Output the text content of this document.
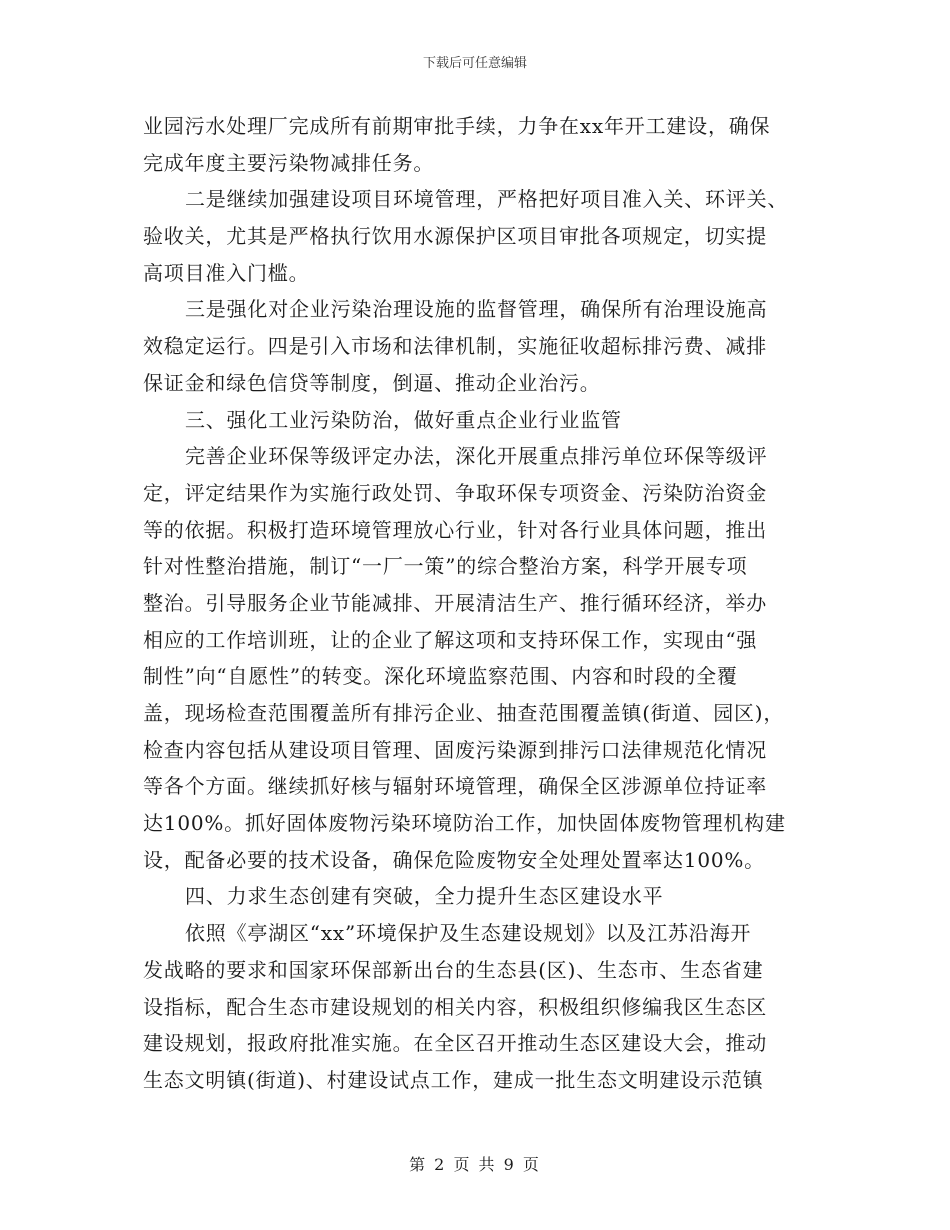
下载后可任意编辑
业园污水处理厂完成所有前期审批手续，力争在xx年开工建设，确保
完成年度主要污染物减排任务。
二是继续加强建设项目环境管理，严格把好项目准入关、环评关、
验收关，尤其是严格执行饮用水源保护区项目审批各项规定，切实提
高项目准入门槛。
三是强化对企业污染治理设施的监督管理，确保所有治理设施高
效稳定运行。四是引入市场和法律机制，实施征收超标排污费、减排
保证金和绿色信贷等制度，倒逼、推动企业治污。
三、强化工业污染防治，做好重点企业行业监管
完善企业环保等级评定办法，深化开展重点排污单位环保等级评
定，评定结果作为实施行政处罚、争取环保专项资金、污染防治资金
等的依据。积极打造环境管理放心行业，针对各行业具体问题，推出
针对性整治措施，制订“一厂一策”的综合整治方案，科学开展专项
整治。引导服务企业节能减排、开展清洁生产、推行循环经济，举办
相应的工作培训班，让的企业了解这项和支持环保工作，实现由“强
制性”向“自愿性”的转变。深化环境监察范围、内容和时段的全覆
盖，现场检查范围覆盖所有排污企业、抽查范围覆盖镇(街道、园区)，
检查内容包括从建设项目管理、固废污染源到排污口法律规范化情况
等各个方面。继续抓好核与辐射环境管理，确保全区涉源单位持证率
达100%。抓好固体废物污染环境防治工作，加快固体废物管理机构建
设，配备必要的技术设备，确保危险废物安全处理处置率达100%。
四、力求生态创建有突破，全力提升生态区建设水平
依照《亭湖区“xx”环境保护及生态建设规划》以及江苏沿海开
发战略的要求和国家环保部新出台的生态县(区)、生态市、生态省建
设指标，配合生态市建设规划的相关内容，积极组织修编我区生态区
建设规划，报政府批准实施。在全区召开推动生态区建设大会，推动
生态文明镇(街道)、村建设试点工作，建成一批生态文明建设示范镇
第 2 页 共 9 页
